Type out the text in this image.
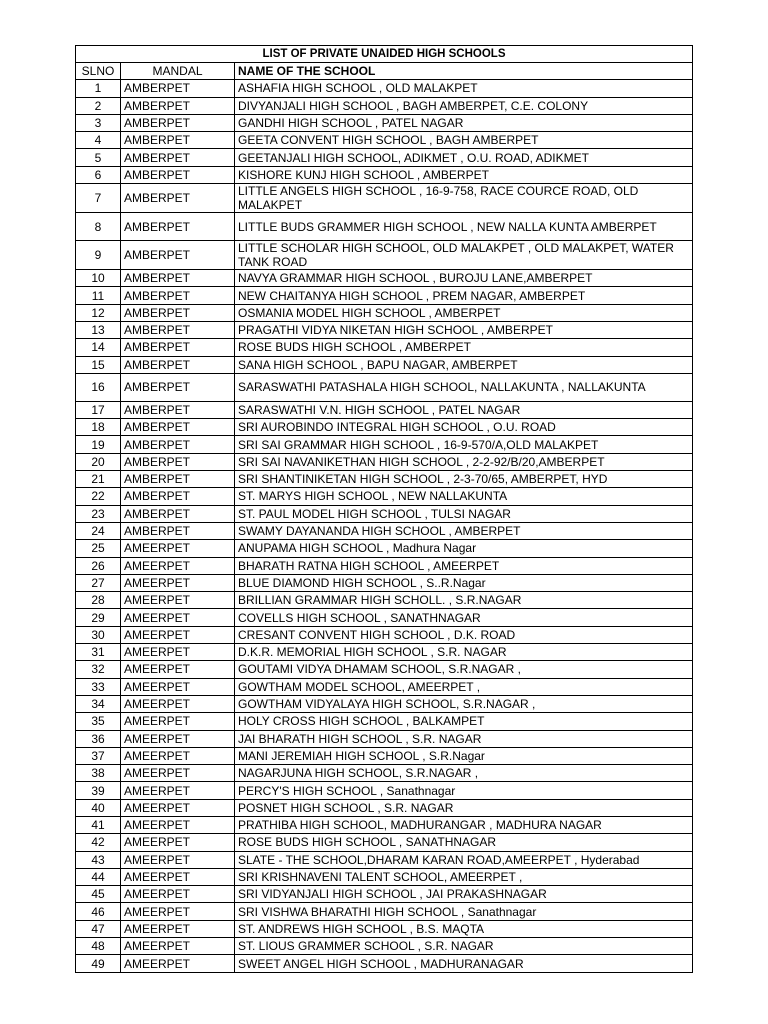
LIST OF PRIVATE UNAIDED HIGH SCHOOLS		
SLNO	MANDAL	NAME OF THE SCHOOL
1	AMBERPET	ASHAFIA HIGH SCHOOL , OLD MALAKPET
2	AMBERPET	DIVYANJALI HIGH SCHOOL , BAGH AMBERPET, C.E. COLONY
3	AMBERPET	GANDHI HIGH SCHOOL , PATEL NAGAR
4	AMBERPET	GEETA CONVENT HIGH SCHOOL , BAGH AMBERPET
5	AMBERPET	GEETANJALI HIGH SCHOOL, ADIKMET , O.U. ROAD, ADIKMET
6	AMBERPET	KISHORE KUNJ HIGH SCHOOL , AMBERPET
7	AMBERPET	LITTLE ANGELS HIGH SCHOOL , 16-9-758, RACE COURCE ROAD, OLD MALAKPET
8	AMBERPET	LITTLE BUDS GRAMMER HIGH SCHOOL , NEW NALLA KUNTA AMBERPET
9	AMBERPET	LITTLE SCHOLAR HIGH SCHOOL, OLD MALAKPET , OLD MALAKPET, WATER TANK ROAD
10	AMBERPET	NAVYA GRAMMAR HIGH SCHOOL , BUROJU LANE,AMBERPET
11	AMBERPET	NEW CHAITANYA HIGH SCHOOL , PREM NAGAR, AMBERPET
12	AMBERPET	OSMANIA MODEL HIGH SCHOOL , AMBERPET
13	AMBERPET	PRAGATHI VIDYA NIKETAN HIGH SCHOOL , AMBERPET
14	AMBERPET	ROSE BUDS HIGH SCHOOL , AMBERPET
15	AMBERPET	SANA HIGH SCHOOL , BAPU NAGAR, AMBERPET
16	AMBERPET	SARASWATHI PATASHALA HIGH SCHOOL, NALLAKUNTA , NALLAKUNTA
17	AMBERPET	SARASWATHI V.N. HIGH SCHOOL , PATEL NAGAR
18	AMBERPET	SRI AUROBINDO INTEGRAL HIGH SCHOOL , O.U. ROAD
19	AMBERPET	SRI SAI GRAMMAR HIGH SCHOOL , 16-9-570/A,OLD MALAKPET
20	AMBERPET	SRI SAI NAVANIKETHAN HIGH SCHOOL , 2-2-92/B/20,AMBERPET
21	AMBERPET	SRI SHANTINIKETAN HIGH SCHOOL , 2-3-70/65, AMBERPET, HYD
22	AMBERPET	ST. MARYS HIGH SCHOOL , NEW NALLAKUNTA
23	AMBERPET	ST. PAUL MODEL HIGH SCHOOL , TULSI NAGAR
24	AMBERPET	SWAMY DAYANANDA HIGH SCHOOL , AMBERPET
25	AMEERPET	ANUPAMA HIGH SCHOOL , Madhura Nagar
26	AMEERPET	BHARATH RATNA HIGH SCHOOL , AMEERPET
27	AMEERPET	BLUE DIAMOND HIGH SCHOOL , S..R.Nagar
28	AMEERPET	BRILLIAN GRAMMAR HIGH SCHOLL. , S.R.NAGAR
29	AMEERPET	COVELLS HIGH SCHOOL , SANATHNAGAR
30	AMEERPET	CRESANT CONVENT HIGH SCHOOL , D.K. ROAD
31	AMEERPET	D.K.R. MEMORIAL HIGH SCHOOL , S.R. NAGAR
32	AMEERPET	GOUTAMI VIDYA DHAMAM SCHOOL, S.R.NAGAR ,
33	AMEERPET	GOWTHAM MODEL SCHOOL, AMEERPET ,
34	AMEERPET	GOWTHAM VIDYALAYA HIGH SCHOOL, S.R.NAGAR ,
35	AMEERPET	HOLY CROSS HIGH SCHOOL , BALKAMPET
36	AMEERPET	JAI BHARATH HIGH SCHOOL , S.R. NAGAR
37	AMEERPET	MANI JEREMIAH HIGH SCHOOL , S.R.Nagar
38	AMEERPET	NAGARJUNA HIGH SCHOOL, S.R.NAGAR ,
39	AMEERPET	PERCY'S HIGH SCHOOL , Sanathnagar
40	AMEERPET	POSNET HIGH SCHOOL , S.R. NAGAR
41	AMEERPET	PRATHIBA HIGH SCHOOL, MADHURANGAR , MADHURA NAGAR
42	AMEERPET	ROSE BUDS HIGH SCHOOL , SANATHNAGAR
43	AMEERPET	SLATE - THE SCHOOL,DHARAM KARAN ROAD,AMEERPET , Hyderabad
44	AMEERPET	SRI KRISHNAVENI TALENT SCHOOL, AMEERPET ,
45	AMEERPET	SRI VIDYANJALI HIGH SCHOOL , JAI PRAKASHNAGAR
46	AMEERPET	SRI VISHWA BHARATHI HIGH SCHOOL , Sanathnagar
47	AMEERPET	ST. ANDREWS HIGH SCHOOL , B.S. MAQTA
48	AMEERPET	ST. LIOUS GRAMMER SCHOOL , S.R. NAGAR
49	AMEERPET	SWEET ANGEL HIGH SCHOOL , MADHURANAGAR
